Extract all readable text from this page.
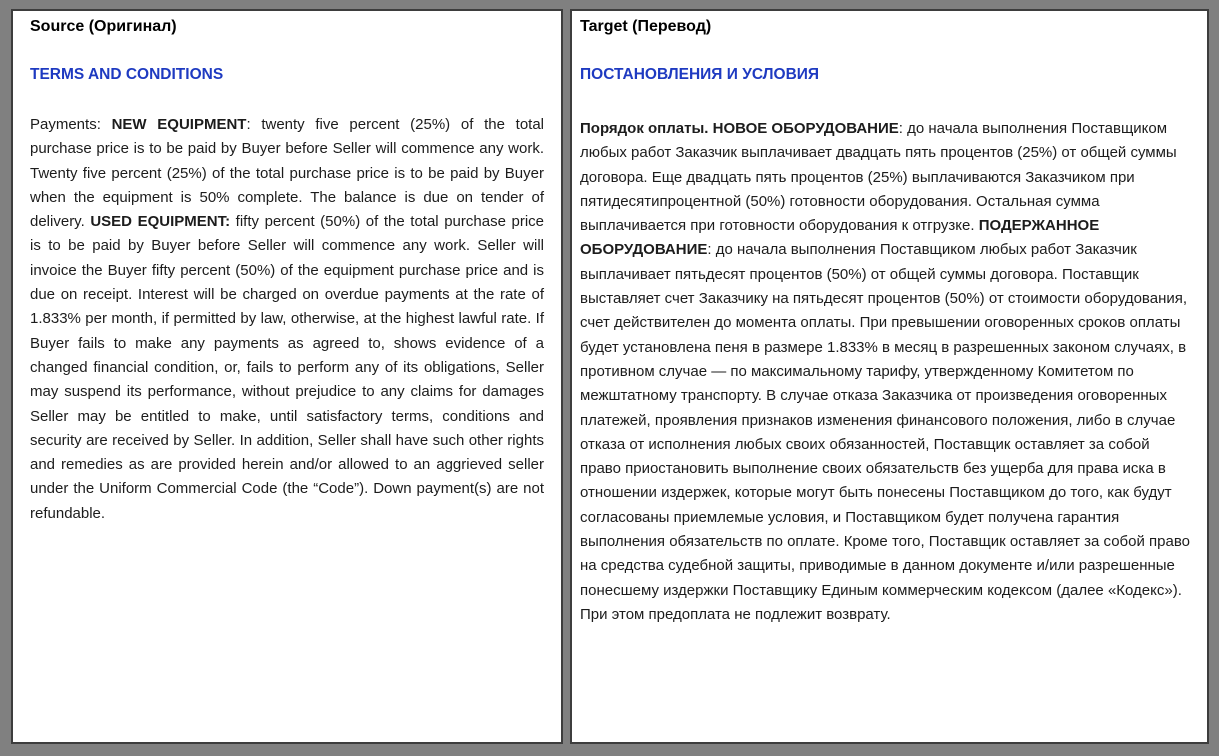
Source (Оригинал)
TERMS AND CONDITIONS

Payments: NEW EQUIPMENT: twenty five percent (25%) of the total purchase price is to be paid by Buyer before Seller will commence any work. Twenty five percent (25%) of the total purchase price is to be paid by Buyer when the equipment is 50% complete. The balance is due on tender of delivery. USED EQUIPMENT: fifty percent (50%) of the total purchase price is to be paid by Buyer before Seller will commence any work. Seller will invoice the Buyer fifty percent (50%) of the equipment purchase price and is due on receipt. Interest will be charged on overdue payments at the rate of 1.833% per month, if permitted by law, otherwise, at the highest lawful rate. If Buyer fails to make any payments as agreed to, shows evidence of a changed financial condition, or, fails to perform any of its obligations, Seller may suspend its performance, without prejudice to any claims for damages Seller may be entitled to make, until satisfactory terms, conditions and security are received by Seller. In addition, Seller shall have such other rights and remedies as are provided herein and/or allowed to an aggrieved seller under the Uniform Commercial Code (the “Code”). Down payment(s) are not refundable.

Target (Перевод)
ПОСТАНОВЛЕНИЯ И УСЛОВИЯ

Порядок оплаты. НОВОЕ ОБОРУДОВАНИЕ: до начала выполнения Поставщиком любых работ Заказчик выплачивает двадцать пять процентов (25%) от общей суммы договора. Еще двадцать пять процентов (25%) выплачиваются Заказчиком при пятидесятипроцентной (50%) готовности оборудования. Остальная сумма выплачивается при готовности оборудования к отгрузке. ПОДЕРЖАННОЕ ОБОРУДОВАНИЕ: до начала выполнения Поставщиком любых работ Заказчик выплачивает пятьдесят процентов (50%) от общей суммы договора. Поставщик выставляет счет Заказчику на пятьдесят процентов (50%) от стоимости оборудования, счет действителен до момента оплаты. При превышении оговоренных сроков оплаты будет установлена пеня в размере 1.833% в месяц в разрешенных законом случаях, в противном случае — по максимальному тарифу, утвержденному Комитетом по межштатному транспорту. В случае отказа Заказчика от произведения оговоренных платежей, проявления признаков изменения финансового положения, либо в случае отказа от исполнения любых своих обязанностей, Поставщик оставляет за собой право приостановить выполнение своих обязательств без ущерба для права иска в отношении издержек, которые могут быть понесены Поставщиком до того, как будут согласованы приемлемые условия, и Поставщиком будет получена гарантия выполнения обязательств по оплате. Кроме того, Поставщик оставляет за собой право на средства судебной защиты, приводимые в данном документе и/или разрешенные понесшему издержки Поставщику Единым коммерческим кодексом (далее «Кодекс»). При этом предоплата не подлежит возврату.
